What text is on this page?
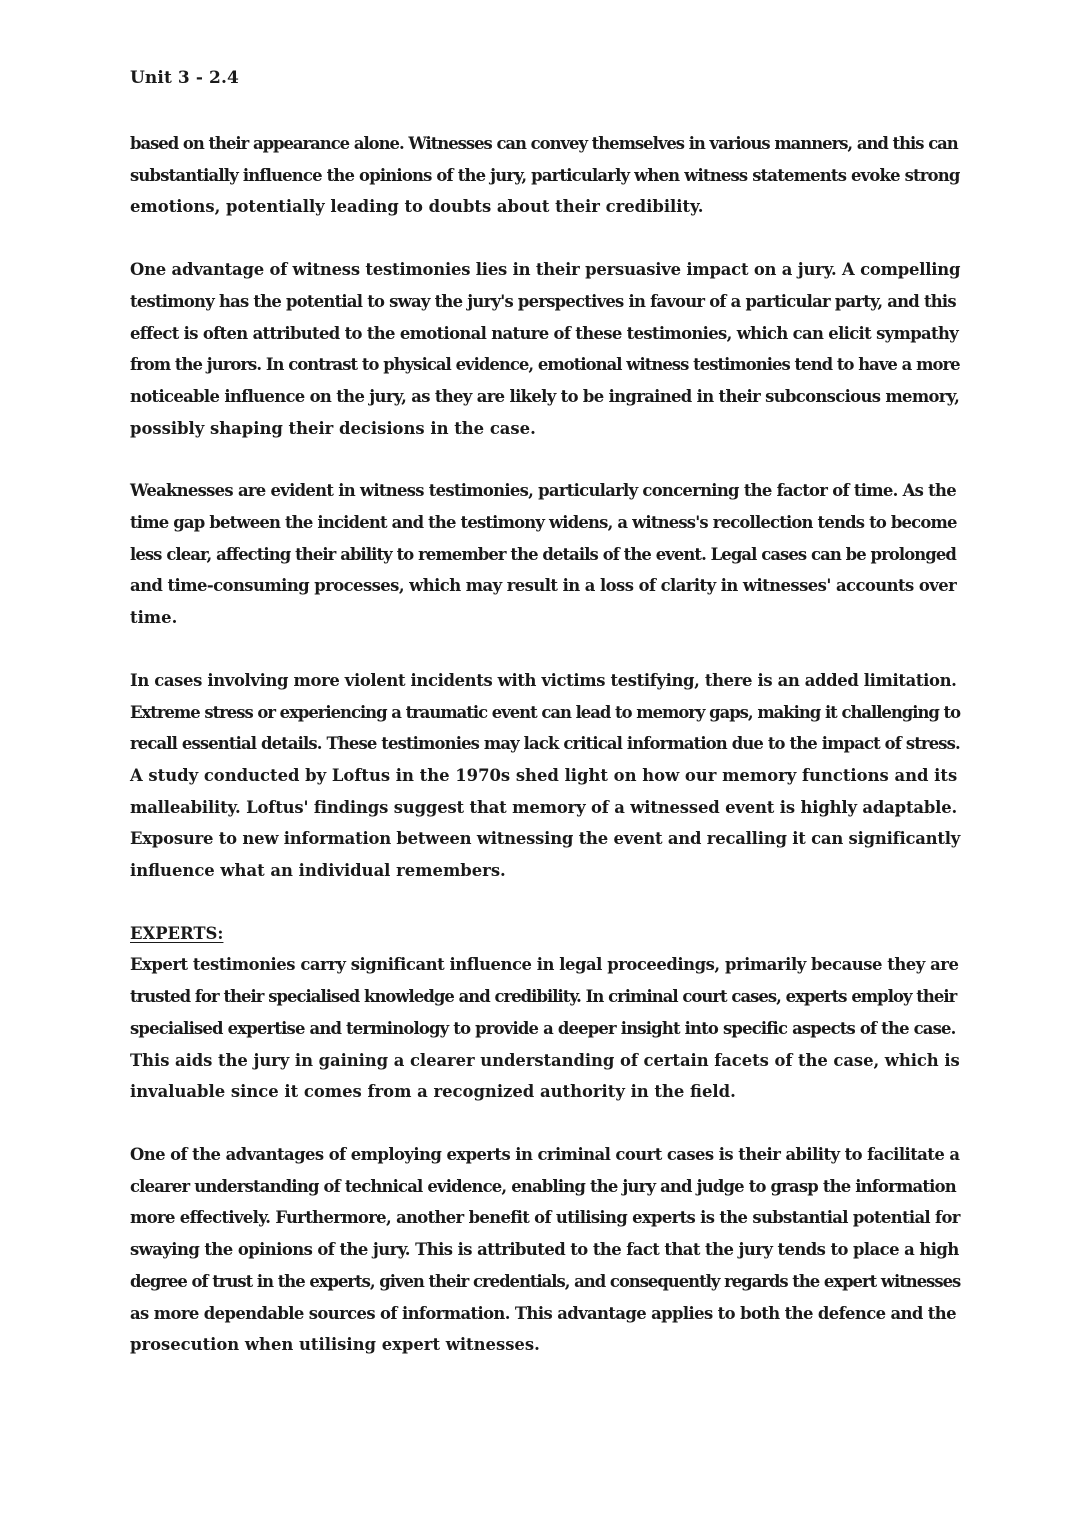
Unit 3 - 2.4

based on their appearance alone. Witnesses can convey themselves in various manners, and this can
substantially influence the opinions of the jury, particularly when witness statements evoke strong
emotions, potentially leading to doubts about their credibility.

One advantage of witness testimonies lies in their persuasive impact on a jury. A compelling
testimony has the potential to sway the jury's perspectives in favour of a particular party, and this
effect is often attributed to the emotional nature of these testimonies, which can elicit sympathy
from the jurors. In contrast to physical evidence, emotional witness testimonies tend to have a more
noticeable influence on the jury, as they are likely to be ingrained in their subconscious memory,
possibly shaping their decisions in the case.

Weaknesses are evident in witness testimonies, particularly concerning the factor of time. As the
time gap between the incident and the testimony widens, a witness's recollection tends to become
less clear, affecting their ability to remember the details of the event. Legal cases can be prolonged
and time-consuming processes, which may result in a loss of clarity in witnesses' accounts over
time.

In cases involving more violent incidents with victims testifying, there is an added limitation.
Extreme stress or experiencing a traumatic event can lead to memory gaps, making it challenging to
recall essential details. These testimonies may lack critical information due to the impact of stress.
A study conducted by Loftus in the 1970s shed light on how our memory functions and its
malleability. Loftus' findings suggest that memory of a witnessed event is highly adaptable.
Exposure to new information between witnessing the event and recalling it can significantly
influence what an individual remembers.

EXPERTS:
Expert testimonies carry significant influence in legal proceedings, primarily because they are
trusted for their specialised knowledge and credibility. In criminal court cases, experts employ their
specialised expertise and terminology to provide a deeper insight into specific aspects of the case.
This aids the jury in gaining a clearer understanding of certain facets of the case, which is
invaluable since it comes from a recognized authority in the field.

One of the advantages of employing experts in criminal court cases is their ability to facilitate a
clearer understanding of technical evidence, enabling the jury and judge to grasp the information
more effectively. Furthermore, another benefit of utilising experts is the substantial potential for
swaying the opinions of the jury. This is attributed to the fact that the jury tends to place a high
degree of trust in the experts, given their credentials, and consequently regards the expert witnesses
as more dependable sources of information. This advantage applies to both the defence and the
prosecution when utilising expert witnesses.
